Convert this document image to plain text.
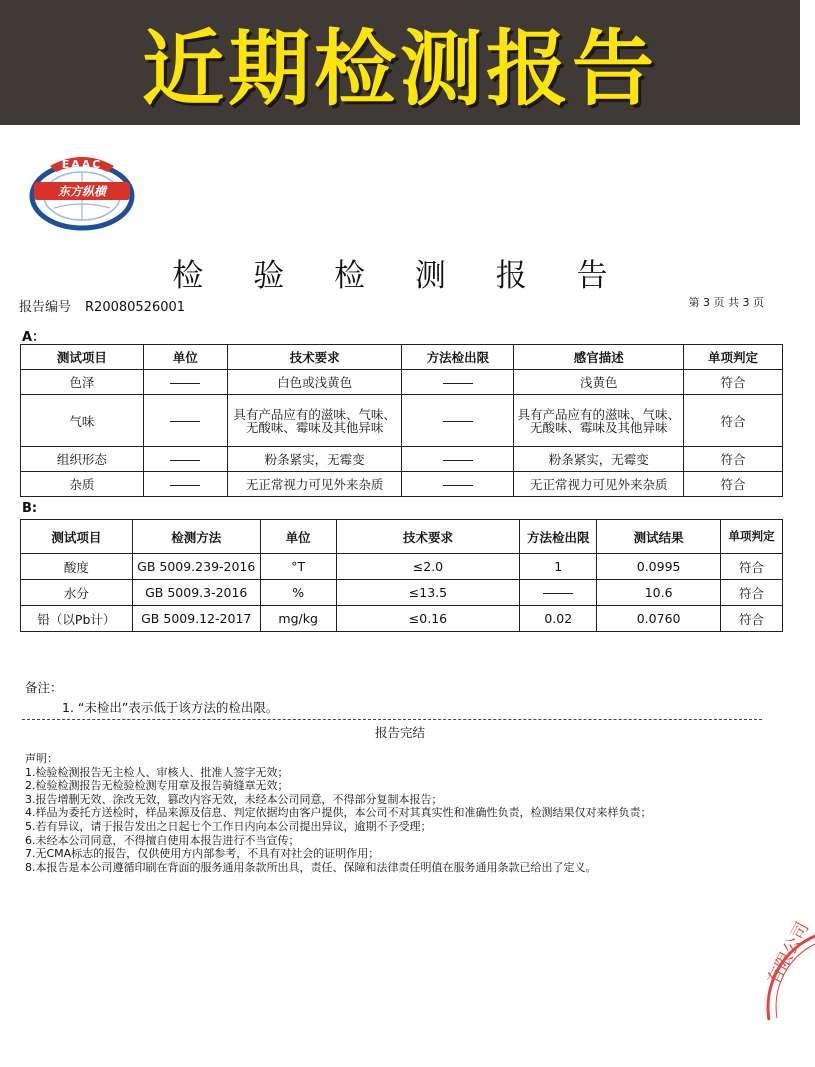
近期检测报告
EAAC
东方纵横
检 验 检 测 报 告
报告编号 R20080526001	第 3 页 共 3 页
A：
测试项目	单位	技术要求	方法检出限	感官描述	单项判定
色泽		白色或浅黄色		浅黄色	符合
气味		具有产品应有的滋味、气味、无酸味、霉味及其他异味		具有产品应有的滋味、气味、无酸味、霉味及其他异味	符合
组织形态		粉条紧实，无霉变		粉条紧实，无霉变	符合
杂质		无正常视力可见外来杂质		无正常视力可见外来杂质	符合
B:
测试项目	检测方法	单位	技术要求	方法检出限	测试结果	单项判定
酸度	GB 5009.239-2016	°T	≤2.0	1	0.0995	符合
水分	GB 5009.3-2016	%	≤13.5		10.6	符合
铅（以Pb计）	GB 5009.12-2017	mg/kg	≤0.16	0.02	0.0760	符合
备注：
1. “未检出”表示低于该方法的检出限。
报告完结
声明：
1.检验检测报告无主检人、审核人、批准人签字无效；
2.检验检测报告无检验检测专用章及报告骑缝章无效；
3.报告增删无效、涂改无效，篡改内容无效，未经本公司同意，不得部分复制本报告；
4.样品为委托方送检时，样品来源及信息、判定依据均由客户提供，本公司不对其真实性和准确性负责，检测结果仅对来样负责；
5.若有异议，请于报告发出之日起七个工作日内向本公司提出异议，逾期不予受理；
6.未经本公司同意，不得擅自使用本报告进行不当宣传；
7.无CMA标志的报告，仅供使用方内部参考，不具有对社会的证明作用；
8.本报告是本公司遵循印刷在背面的服务通用条款所出具，责任、保障和法律责任明值在服务通用条款已给出了定义。
有限公司
